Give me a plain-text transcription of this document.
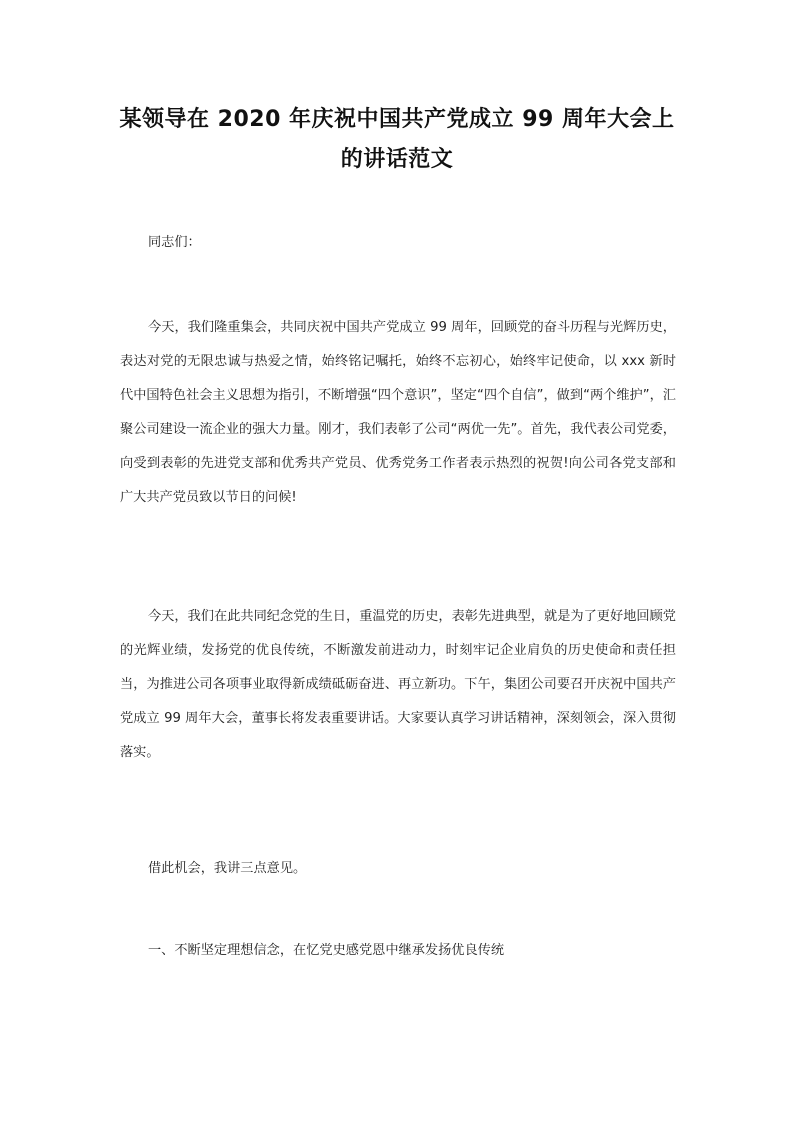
某领导在 2020 年庆祝中国共产党成立 99 周年大会上的讲话范文

同志们：

今天，我们隆重集会，共同庆祝中国共产党成立 99 周年，回顾党的奋斗历程与光辉历史，表达对党的无限忠诚与热爱之情，始终铭记嘱托，始终不忘初心，始终牢记使命，以 xxx 新时代中国特色社会主义思想为指引，不断增强“四个意识”，坚定“四个自信”，做到“两个维护”，汇聚公司建设一流企业的强大力量。刚才，我们表彰了公司“两优一先”。首先，我代表公司党委，向受到表彰的先进党支部和优秀共产党员、优秀党务工作者表示热烈的祝贺!向公司各党支部和广大共产党员致以节日的问候!

今天，我们在此共同纪念党的生日，重温党的历史，表彰先进典型，就是为了更好地回顾党的光辉业绩，发扬党的优良传统，不断激发前进动力，时刻牢记企业肩负的历史使命和责任担当，为推进公司各项事业取得新成绩砥砺奋进、再立新功。下午，集团公司要召开庆祝中国共产党成立 99 周年大会，董事长将发表重要讲话。大家要认真学习讲话精神，深刻领会，深入贯彻落实。

借此机会，我讲三点意见。

一、不断坚定理想信念，在忆党史感党恩中继承发扬优良传统
